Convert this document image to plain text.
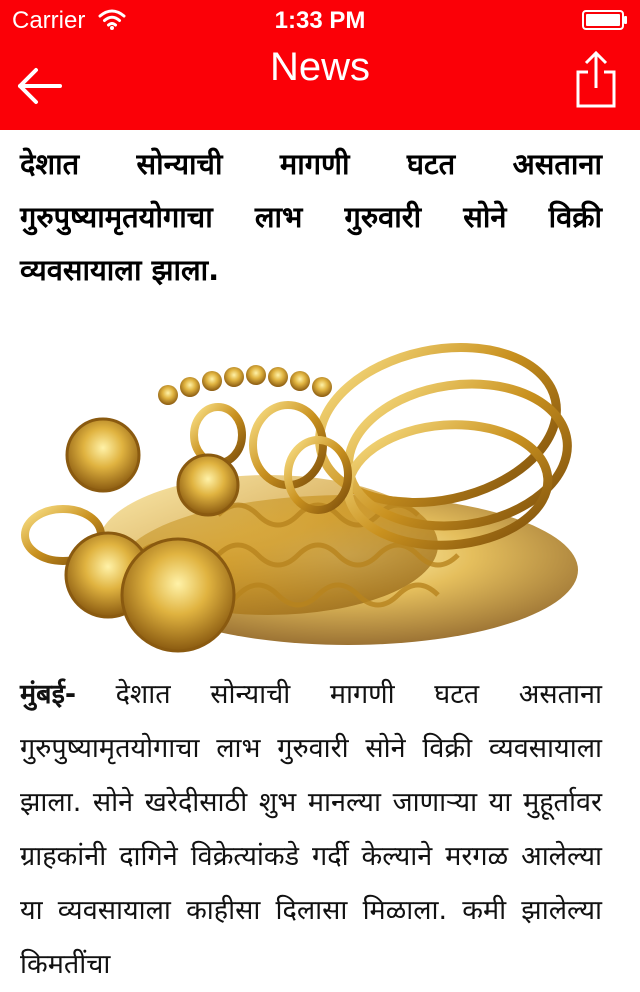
Carrier	1:33 PM
News
देशात सोन्याची मागणी घटत असताना गुरुपुष्यामृतयोगाचा लाभ गुरुवारी सोने विक्री व्यवसायाला झाला.

मुंबई- देशात सोन्याची मागणी घटत असताना गुरुपुष्यामृतयोगाचा लाभ गुरुवारी सोने विक्री व्यवसायाला झाला. सोने खरेदीसाठी शुभ मानल्या जाणाऱ्या या मुहूर्तावर ग्राहकांनी दागिने विक्रेत्यांकडे गर्दी केल्याने मरगळ आलेल्या या व्यवसायाला काहीसा दिलासा मिळाला. कमी झालेल्या किमतींचा
